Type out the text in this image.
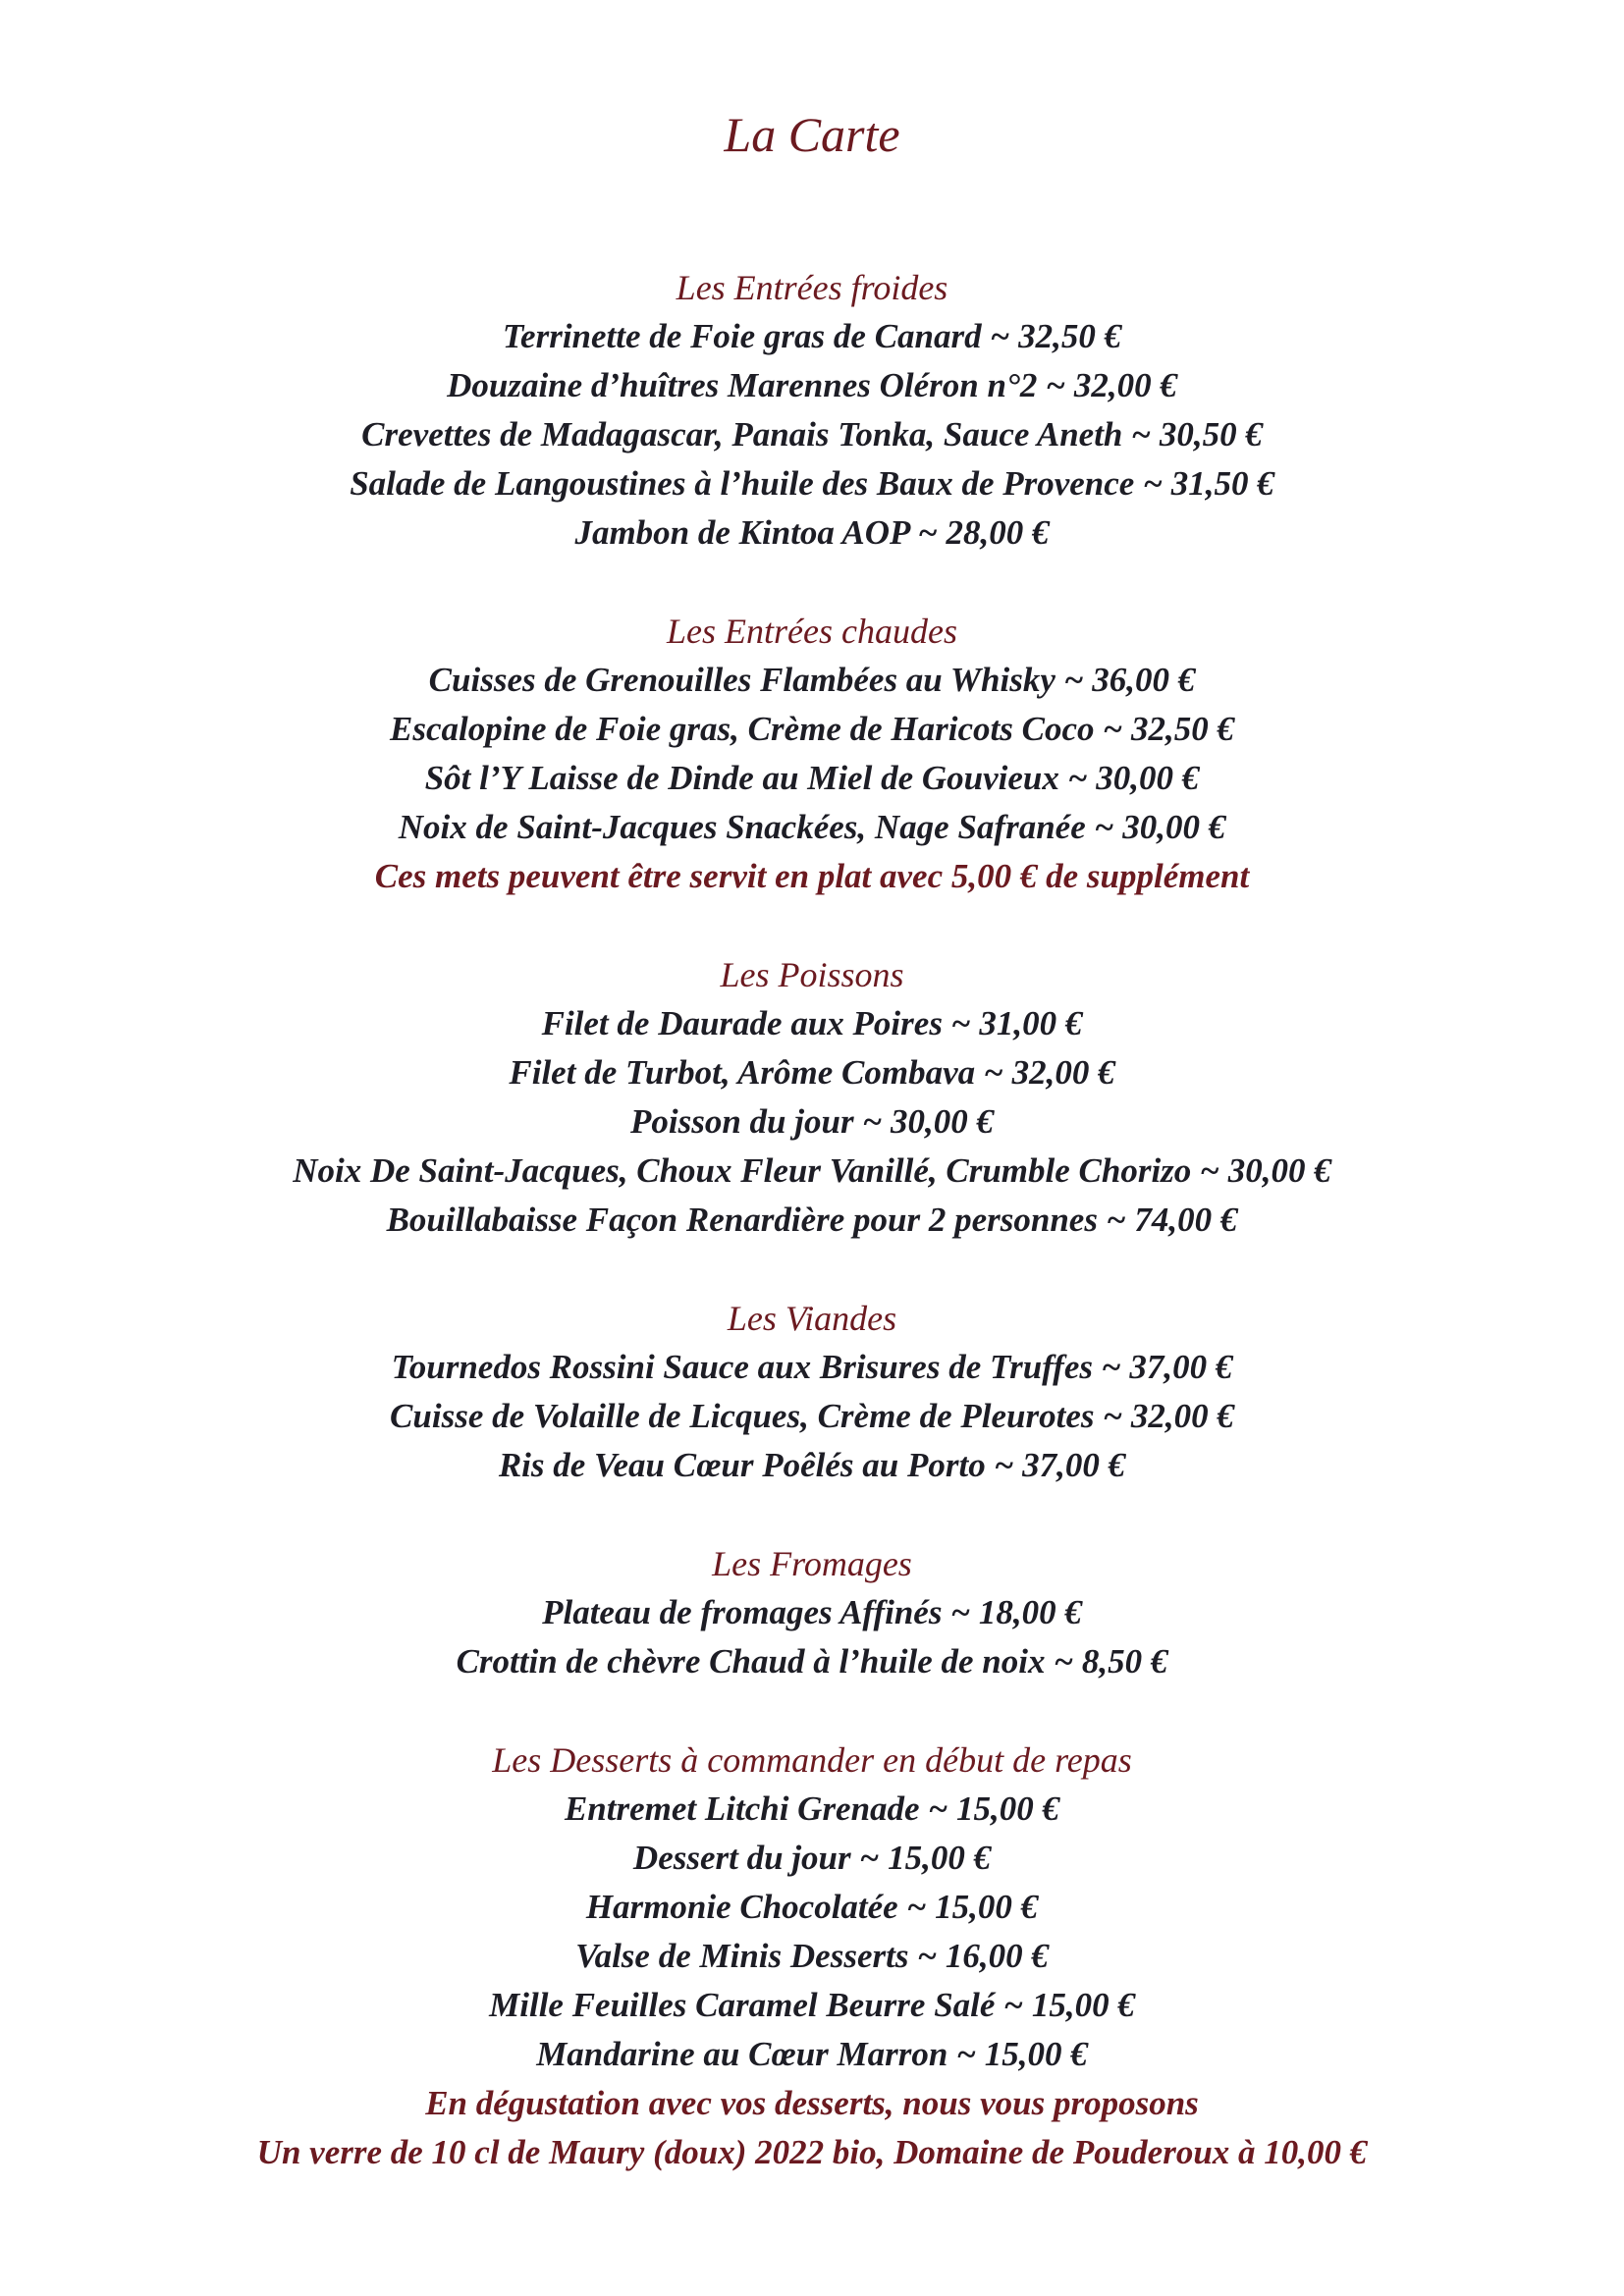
La Carte
Les Entrées froides
Terrinette de Foie gras de Canard ~ 32,50 €
Douzaine d’huîtres Marennes Oléron n°2 ~ 32,00 €
Crevettes de Madagascar, Panais Tonka, Sauce Aneth ~ 30,50 €
Salade de Langoustines à l’huile des Baux de Provence ~ 31,50 €
Jambon de Kintoa AOP ~ 28,00 €
Les Entrées chaudes
Cuisses de Grenouilles Flambées au Whisky ~ 36,00 €
Escalopine de Foie gras, Crème de Haricots Coco ~ 32,50 €
Sôt l’Y Laisse de Dinde au Miel de Gouvieux ~ 30,00 €
Noix de Saint-Jacques Snackées, Nage Safranée ~ 30,00 €
Ces mets peuvent être servit en plat avec 5,00 € de supplément
Les Poissons
Filet de Daurade aux Poires ~ 31,00 €
Filet de Turbot, Arôme Combava ~ 32,00 €
Poisson du jour ~ 30,00 €
Noix De Saint-Jacques, Choux Fleur Vanillé, Crumble Chorizo ~ 30,00 €
Bouillabaisse Façon Renardière pour 2 personnes ~ 74,00 €
Les Viandes
Tournedos Rossini Sauce aux Brisures de Truffes ~ 37,00 €
Cuisse de Volaille de Licques, Crème de Pleurotes ~ 32,00 €
Ris de Veau Cœur Poêlés au Porto ~ 37,00 €
Les Fromages
Plateau de fromages Affinés ~ 18,00 €
Crottin de chèvre Chaud à l’huile de noix ~ 8,50 €
Les Desserts à commander en début de repas
Entremet Litchi Grenade ~ 15,00 €
Dessert du jour ~ 15,00 €
Harmonie Chocolatée ~ 15,00 €
Valse de Minis Desserts ~ 16,00 €
Mille Feuilles Caramel Beurre Salé ~ 15,00 €
Mandarine au Cœur Marron ~ 15,00 €
En dégustation avec vos desserts, nous vous proposons
Un verre de 10 cl de Maury (doux) 2022 bio, Domaine de Pouderoux à 10,00 €
